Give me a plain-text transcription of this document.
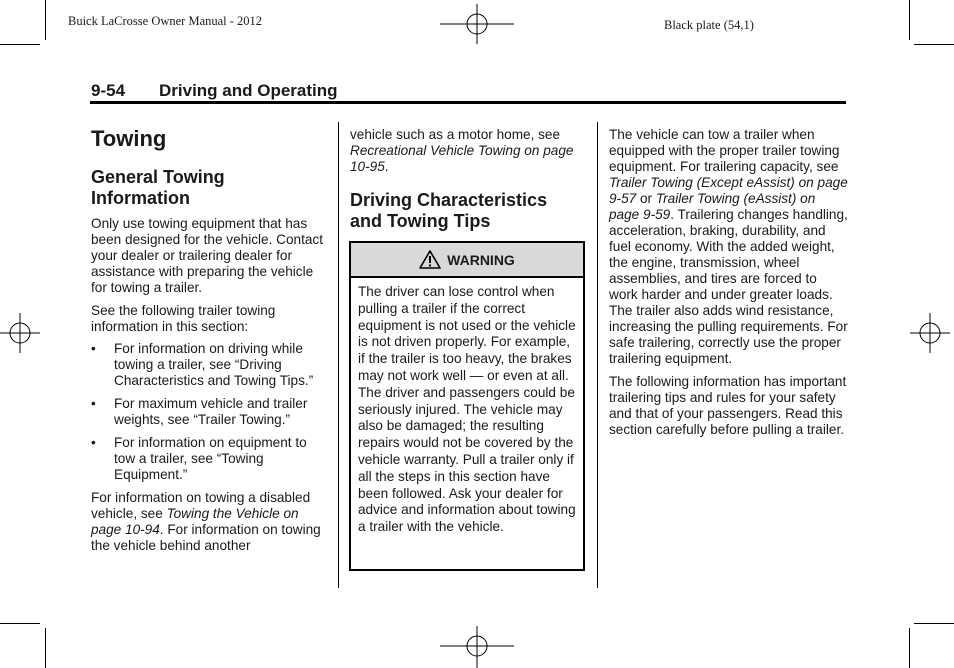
Buick LaCrosse Owner Manual - 2012	Black plate (54,1)
9-54 Driving and Operating
Towing
General Towing
Information

Only use towing equipment that has been designed for the vehicle. Contact your dealer or trailering dealer for assistance with preparing the vehicle for towing a trailer.

See the following trailer towing information in this section:

• For information on driving while towing a trailer, see “Driving Characteristics and Towing Tips.”
• For maximum vehicle and trailer weights, see “Trailer Towing.”
• For information on equipment to tow a trailer, see “Towing Equipment.”

For information on towing a disabled vehicle, see Towing the Vehicle on page 10-94. For information on towing the vehicle behind another

vehicle such as a motor home, see Recreational Vehicle Towing on page 10-95.

Driving Characteristics
and Towing Tips
WARNING

The driver can lose control when pulling a trailer if the correct equipment is not used or the vehicle is not driven properly. For example, if the trailer is too heavy, the brakes may not work well — or even at all. The driver and passengers could be seriously injured. The vehicle may also be damaged; the resulting repairs would not be covered by the vehicle warranty. Pull a trailer only if all the steps in this section have been followed. Ask your dealer for advice and information about towing a trailer with the vehicle.

The vehicle can tow a trailer when equipped with the proper trailer towing equipment. For trailering capacity, see Trailer Towing (Except eAssist) on page 9-57 or Trailer Towing (eAssist) on page 9-59. Trailering changes handling, acceleration, braking, durability, and fuel economy. With the added weight, the engine, transmission, wheel assemblies, and tires are forced to work harder and under greater loads. The trailer also adds wind resistance, increasing the pulling requirements. For safe trailering, correctly use the proper trailering equipment.

The following information has important trailering tips and rules for your safety and that of your passengers. Read this section carefully before pulling a trailer.
